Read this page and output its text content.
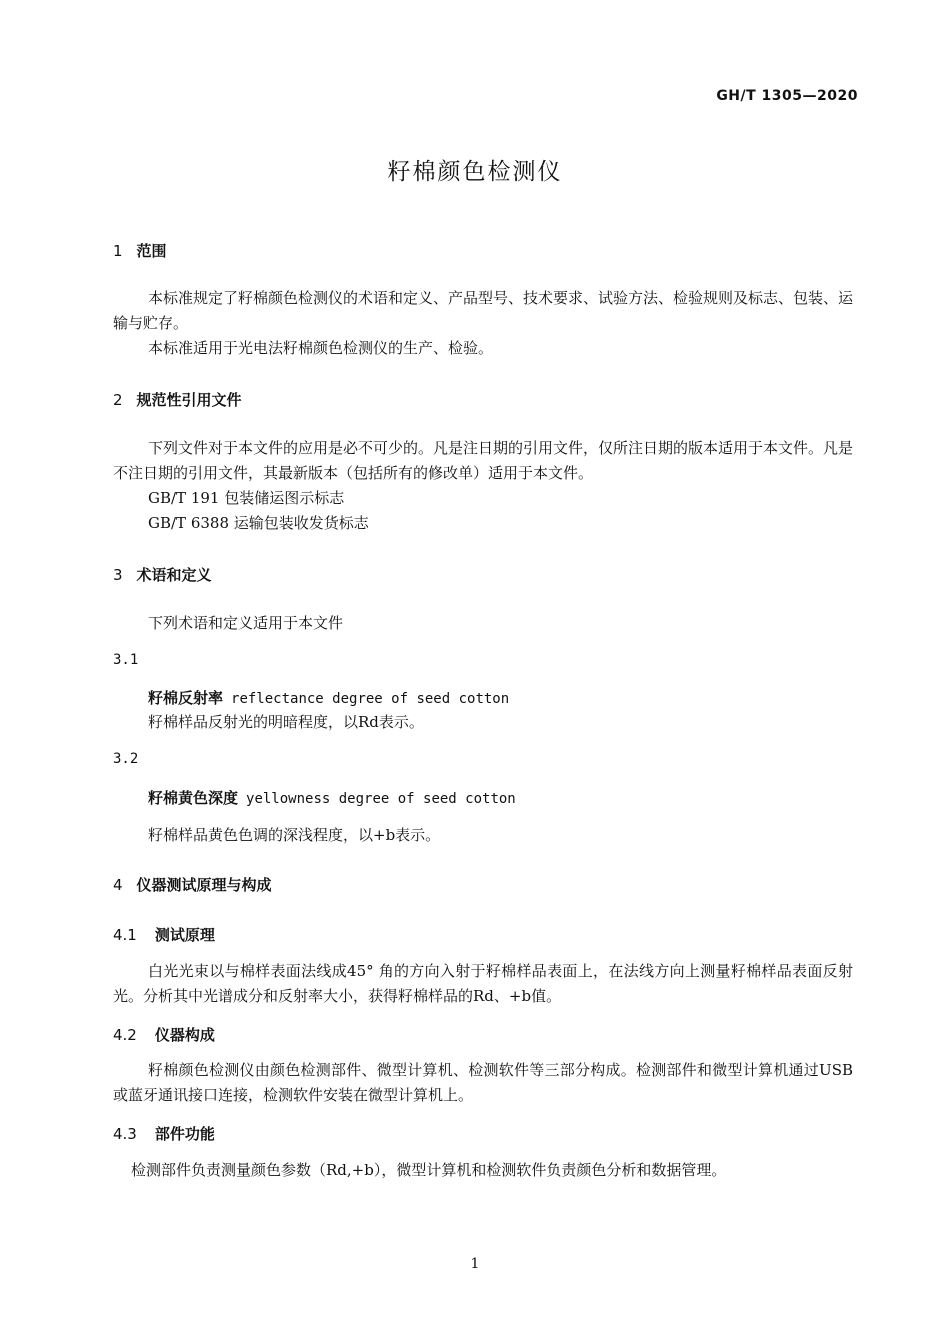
GH/T 1305—2020
籽棉颜色检测仪
1 范围
本标准规定了籽棉颜色检测仪的术语和定义、产品型号、技术要求、试验方法、检验规则及标志、包装、运输与贮存。
本标准适用于光电法籽棉颜色检测仪的生产、检验。
2 规范性引用文件
下列文件对于本文件的应用是必不可少的。凡是注日期的引用文件，仅所注日期的版本适用于本文件。凡是不注日期的引用文件，其最新版本（包括所有的修改单）适用于本文件。
GB/T 191 包装储运图示标志
GB/T 6388 运输包装收发货标志
3 术语和定义
下列术语和定义适用于本文件
3.1
籽棉反射率 reflectance degree of seed cotton
籽棉样品反射光的明暗程度，以Rd表示。
3.2
籽棉黄色深度 yellowness degree of seed cotton
籽棉样品黄色色调的深浅程度，以+b表示。
4 仪器测试原理与构成
4.1 测试原理
白光光束以与棉样表面法线成45° 角的方向入射于籽棉样品表面上，在法线方向上测量籽棉样品表面反射光。分析其中光谱成分和反射率大小，获得籽棉样品的Rd、+b值。
4.2 仪器构成
籽棉颜色检测仪由颜色检测部件、微型计算机、检测软件等三部分构成。检测部件和微型计算机通过USB或蓝牙通讯接口连接，检测软件安装在微型计算机上。
4.3 部件功能
检测部件负责测量颜色参数（Rd,+b），微型计算机和检测软件负责颜色分析和数据管理。
1
